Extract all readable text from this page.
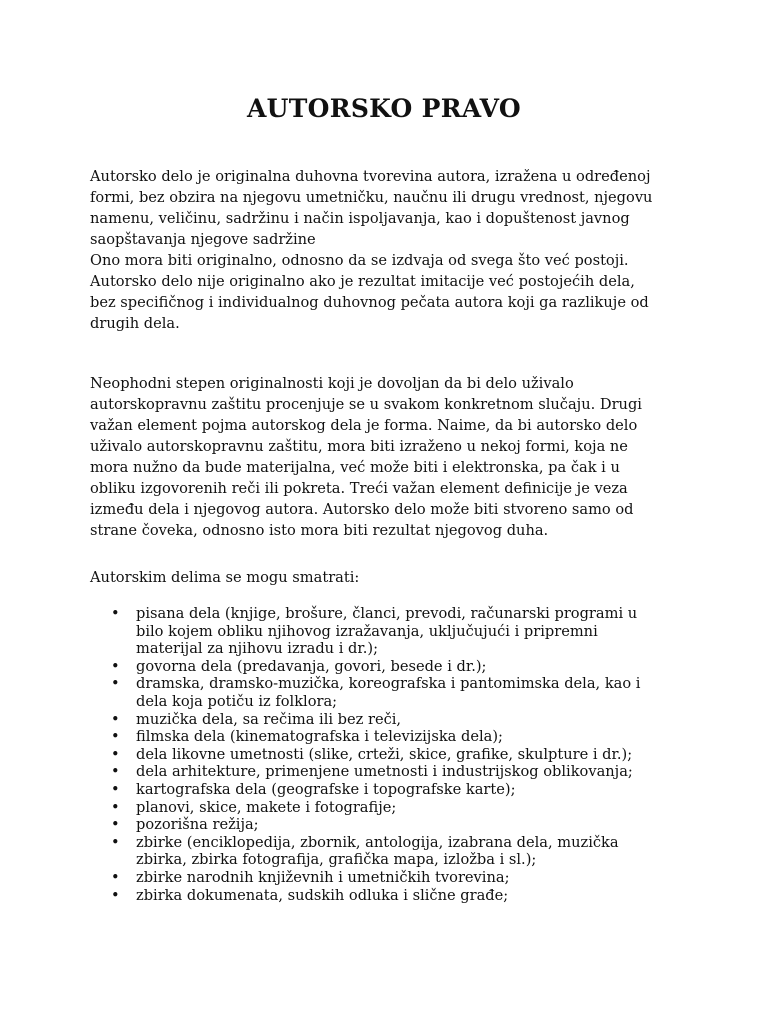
AUTORSKO PRAVO

Autorsko delo je originalna duhovna tvorevina autora, izražena u određenoj
formi, bez obzira na njegovu umetničku, naučnu ili drugu vrednost, njegovu
namenu, veličinu, sadržinu i način ispoljavanja, kao i dopuštenost javnog
saopštavanja njegove sadržine
Ono mora biti originalno, odnosno da se izdvaja od svega što već postoji.
Autorsko delo nije originalno ako je rezultat imitacije već postojećih dela,
bez specifičnog i individualnog duhovnog pečata autora koji ga razlikuje od
drugih dela.

Neophodni stepen originalnosti koji je dovoljan da bi delo uživalo
autorskopravnu zaštitu procenjuje se u svakom konkretnom slučaju. Drugi
važan element pojma autorskog dela je forma. Naime, da bi autorsko delo
uživalo autorskopravnu zaštitu, mora biti izraženo u nekoj formi, koja ne
mora nužno da bude materijalna, već može biti i elektronska, pa čak i u
obliku izgovorenih reči ili pokreta. Treći važan element definicije je veza
između dela i njegovog autora. Autorsko delo može biti stvoreno samo od
strane čoveka, odnosno isto mora biti rezultat njegovog duha.

Autorskim delima se mogu smatrati:

• pisana dela (knjige, brošure, članci, prevodi, računarski programi u
bilo kojem obliku njihovog izražavanja, uključujući i pripremni
materijal za njihovu izradu i dr.);
• govorna dela (predavanja, govori, besede i dr.);
• dramska, dramsko-muzička, koreografska i pantomimska dela, kao i
dela koja potiču iz folklora;
• muzička dela, sa rečima ili bez reči,
• filmska dela (kinematografska i televizijska dela);
• dela likovne umetnosti (slike, crteži, skice, grafike, skulpture i dr.);
• dela arhitekture, primenjene umetnosti i industrijskog oblikovanja;
• kartografska dela (geografske i topografske karte);
• planovi, skice, makete i fotografije;
• pozorišna režija;
• zbirke (enciklopedija, zbornik, antologija, izabrana dela, muzička
zbirka, zbirka fotografija, grafička mapa, izložba i sl.);
• zbirke narodnih književnih i umetničkih tvorevina;
• zbirka dokumenata, sudskih odluka i slične građe;
